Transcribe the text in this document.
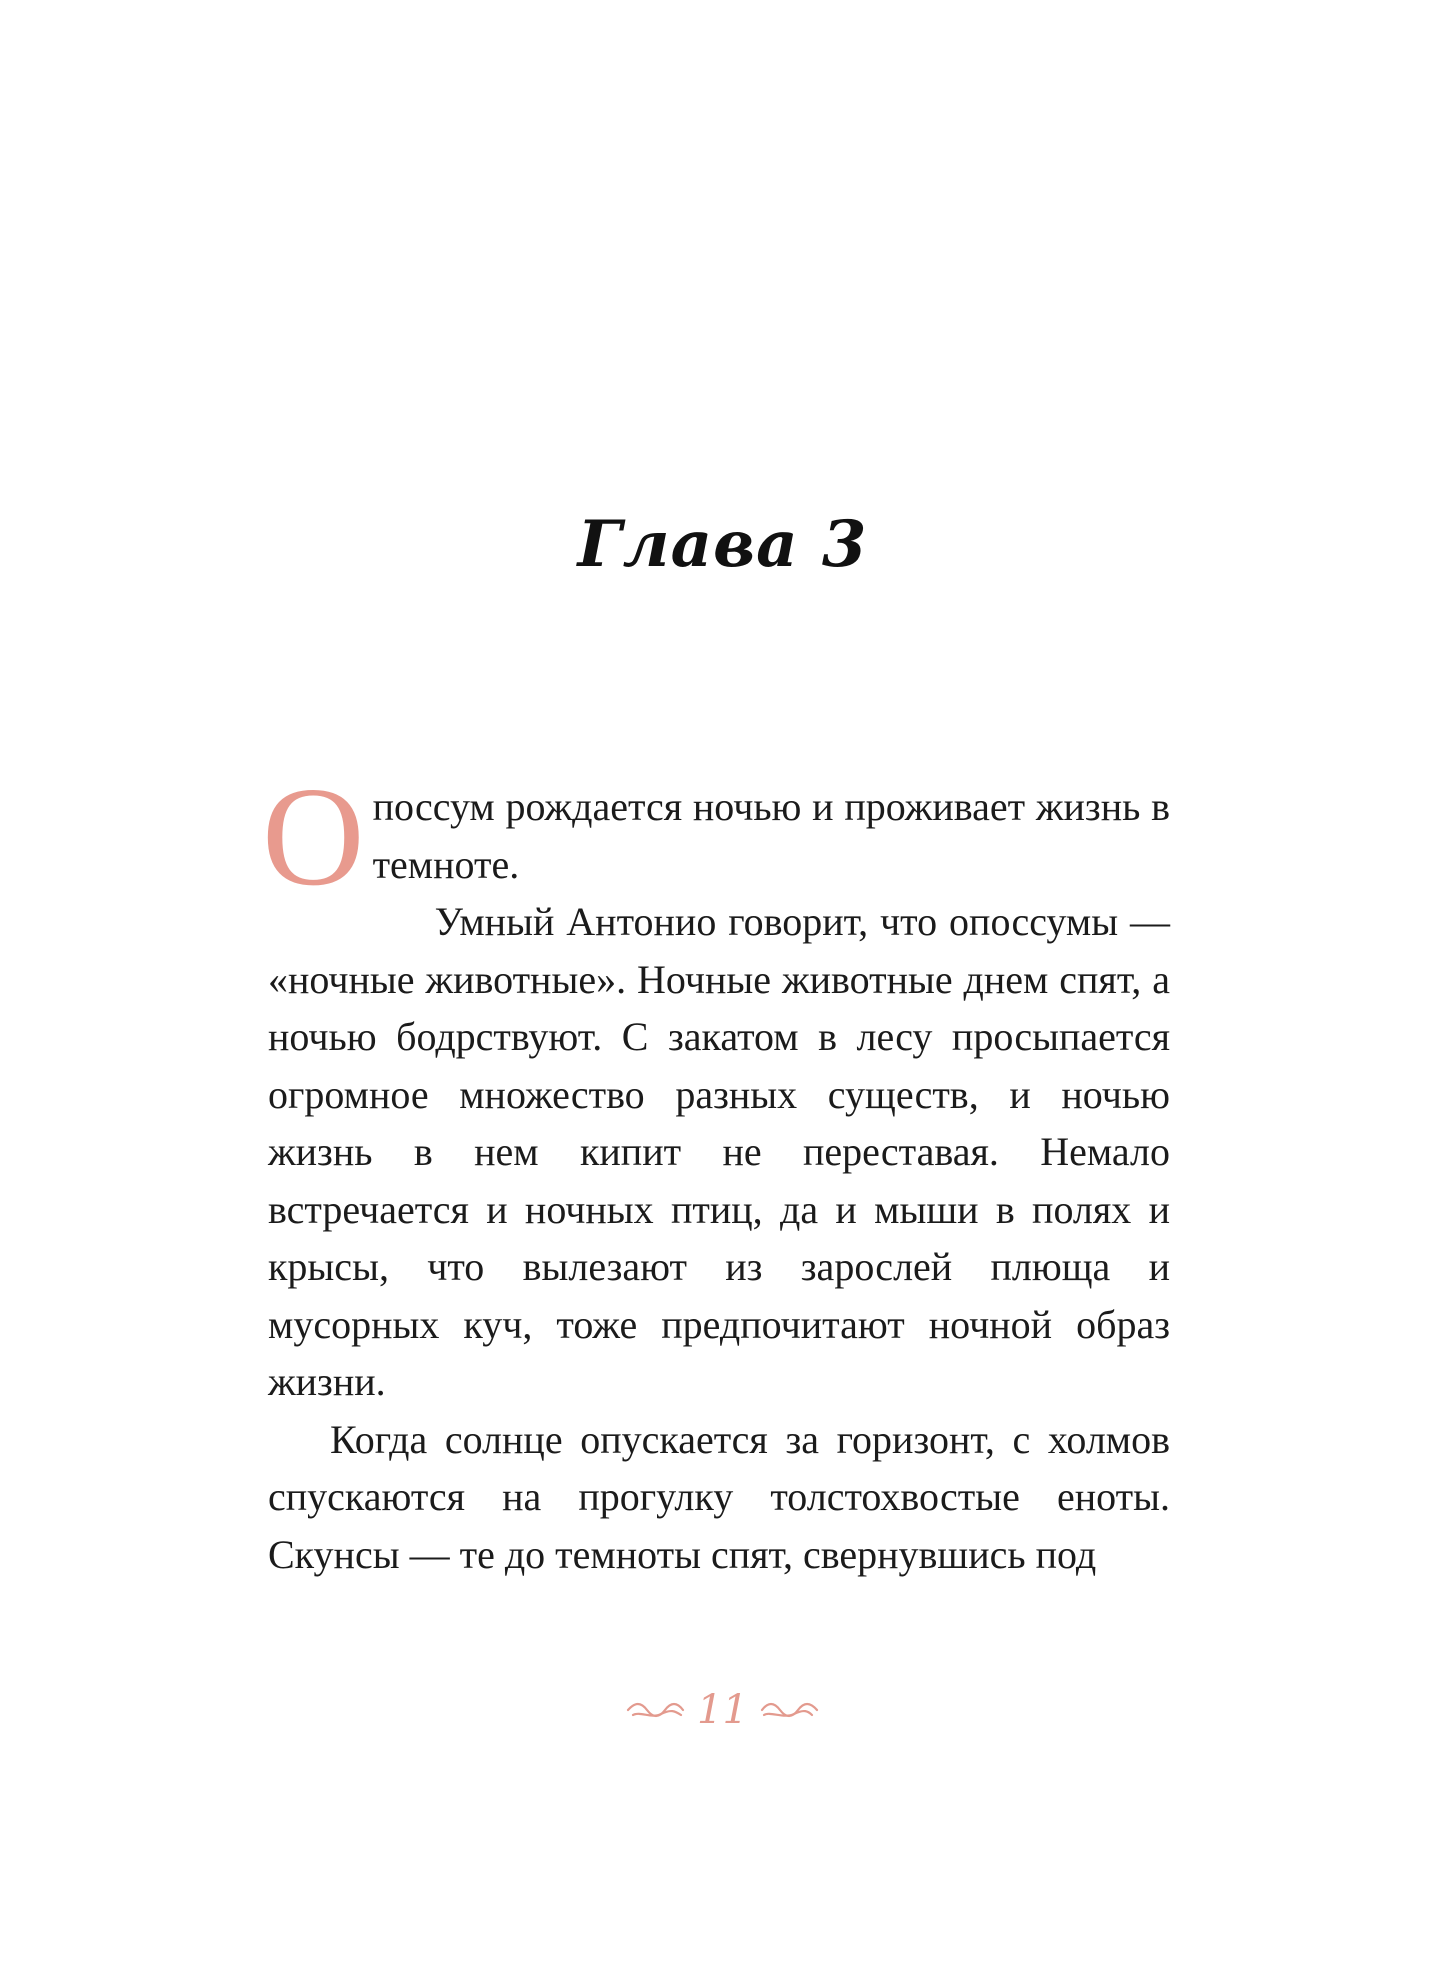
Глава 3

Опоссум рождается ночью и проживает жизнь в темноте.

Умный Антонио говорит, что опоссумы — «ночные животные». Ночные животные днем спят, а ночью бодрствуют. С закатом в лесу просыпается огромное множество разных существ, и ночью жизнь в нем кипит не переставая. Немало встречается и ночных птиц, да и мыши в полях и крысы, что вылезают из зарослей плюща и мусорных куч, тоже предпочитают ночной образ жизни.

Когда солнце опускается за горизонт, с холмов спускаются на прогулку толстохвостые еноты. Скунсы — те до темноты спят, свернувшись под

11
